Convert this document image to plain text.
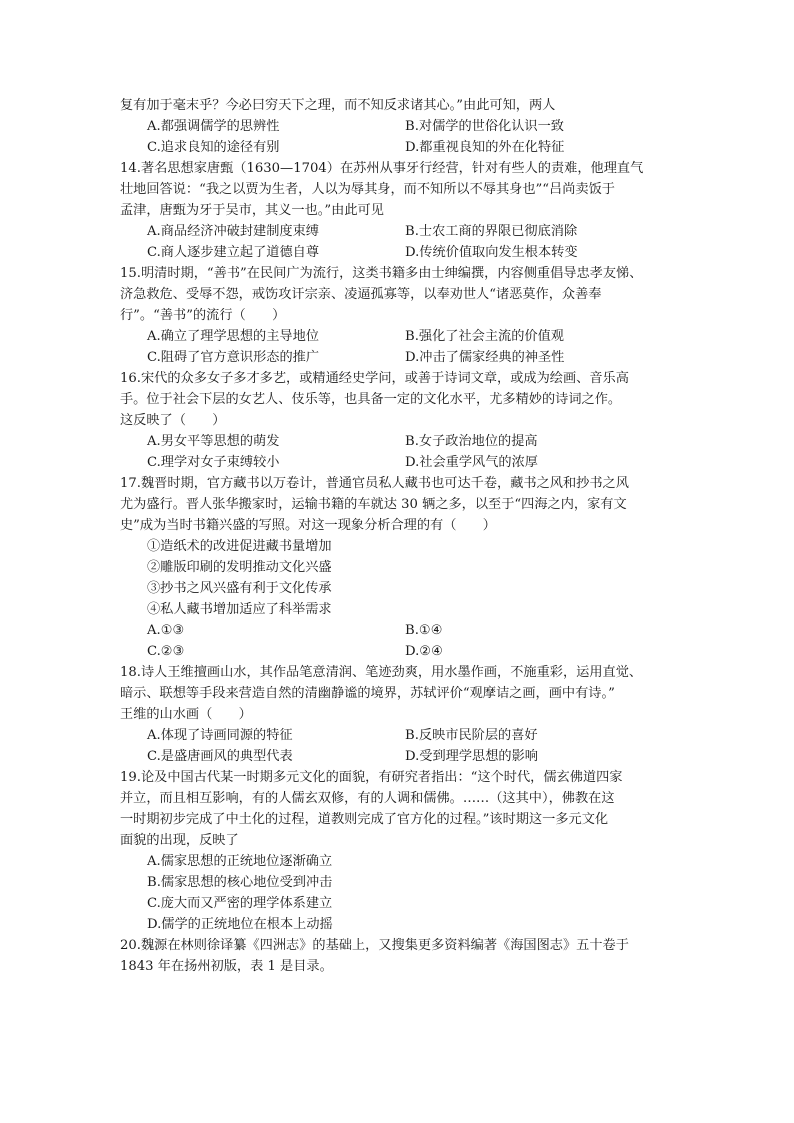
复有加于毫末乎？今必曰穷天下之理，而不知反求诸其心。”由此可知，两人
A.都强调儒学的思辨性	B.对儒学的世俗化认识一致
C.追求良知的途径有别	D.都重视良知的外在化特征
14.著名思想家唐甄（1630—1704）在苏州从事牙行经营，针对有些人的责难，他理直气
壮地回答说：“我之以贾为生者，人以为辱其身，而不知所以不辱其身也”“吕尚卖饭于
孟津，唐甄为牙于吴市，其义一也。”由此可见
A.商品经济冲破封建制度束缚	B.士农工商的界限已彻底消除
C.商人逐步建立起了道德自尊	D.传统价值取向发生根本转变
15.明清时期，“善书”在民间广为流行，这类书籍多由士绅编撰，内容侧重倡导忠孝友悌、
济急救危、受辱不怨，戒饬攻讦宗亲、凌逼孤寡等，以奉劝世人“诸恶莫作，众善奉
行”。“善书”的流行（　　）
A.确立了理学思想的主导地位	B.强化了社会主流的价值观
C.阻碍了官方意识形态的推广	D.冲击了儒家经典的神圣性
16.宋代的众多女子多才多艺，或精通经史学问，或善于诗词文章，或成为绘画、音乐高
手。位于社会下层的女艺人、伎乐等，也具备一定的文化水平，尤多精妙的诗词之作。
这反映了（　　）
A.男女平等思想的萌发	B.女子政治地位的提高
C.理学对女子束缚较小	D.社会重学风气的浓厚
17.魏晋时期，官方藏书以万卷计，普通官员私人藏书也可达千卷，藏书之风和抄书之风
尤为盛行。晋人张华搬家时，运输书籍的车就达 30 辆之多，以至于“四海之内，家有文
史”成为当时书籍兴盛的写照。对这一现象分析合理的有（　　）
①造纸术的改进促进藏书量增加
②雕版印刷的发明推动文化兴盛
③抄书之风兴盛有利于文化传承
④私人藏书增加适应了科举需求
A.①③	B.①④
C.②③	D.②④
18.诗人王维擅画山水，其作品笔意清润、笔迹劲爽，用水墨作画，不施重彩，运用直觉、
暗示、联想等手段来营造自然的清幽静谧的境界，苏轼评价“观摩诘之画，画中有诗。”
王维的山水画（　　）
A.体现了诗画同源的特征	B.反映市民阶层的喜好
C.是盛唐画风的典型代表	D.受到理学思想的影响
19.论及中国古代某一时期多元文化的面貌，有研究者指出：“这个时代，儒玄佛道四家
并立，而且相互影响，有的人儒玄双修，有的人调和儒佛。……（这其中），佛教在这
一时期初步完成了中土化的过程，道教则完成了官方化的过程。”该时期这一多元文化
面貌的出现，反映了
A.儒家思想的正统地位逐渐确立
B.儒家思想的核心地位受到冲击
C.庞大而又严密的理学体系建立
D.儒学的正统地位在根本上动摇
20.魏源在林则徐译纂《四洲志》的基础上，又搜集更多资料编著《海国图志》五十卷于
1843 年在扬州初版，表 1 是目录。
